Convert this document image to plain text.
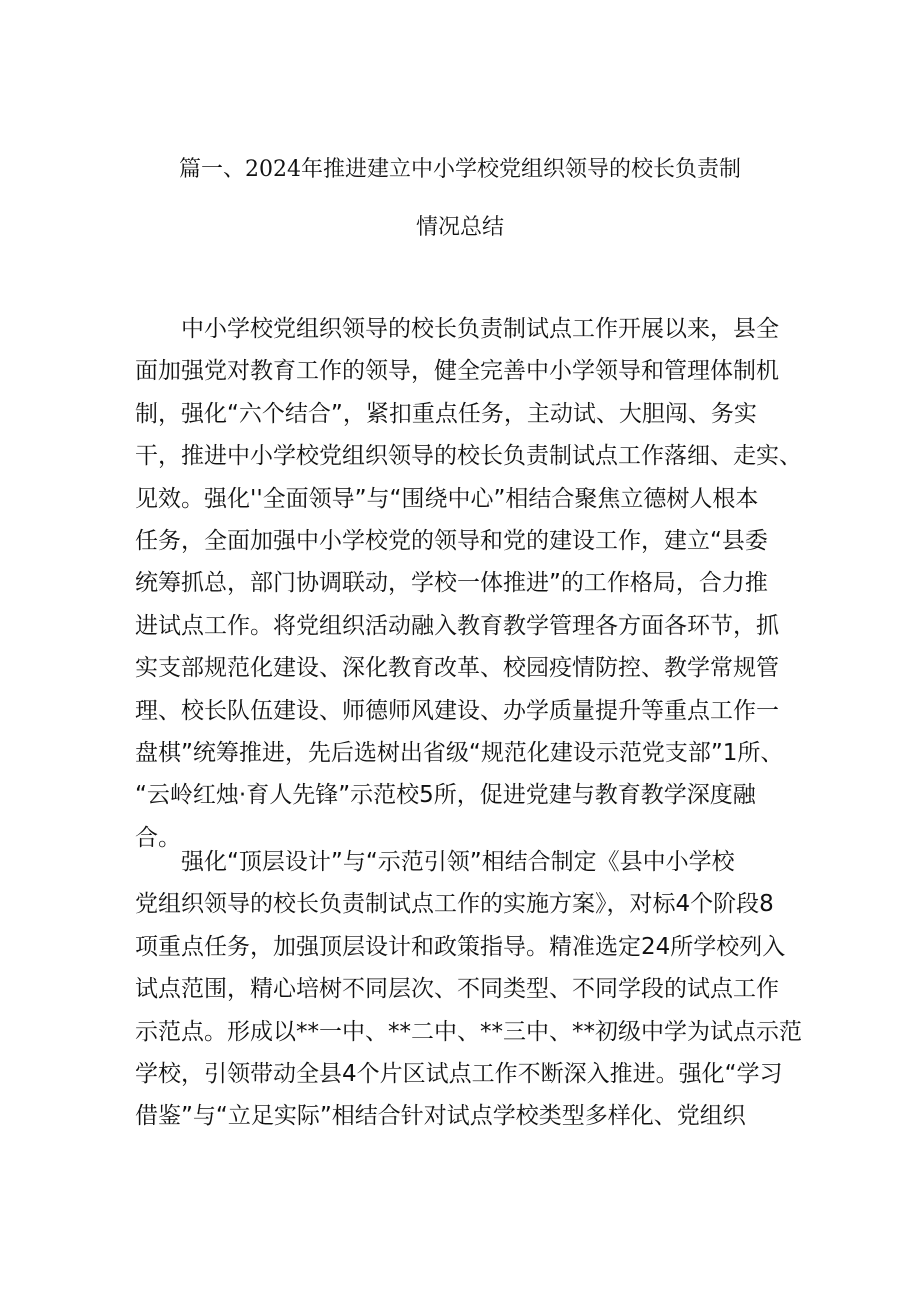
篇一、2024年推进建立中小学校党组织领导的校长负责制
情况总结
　　中小学校党组织领导的校长负责制试点工作开展以来，县全
面加强党对教育工作的领导，健全完善中小学领导和管理体制机
制，强化“六个结合”，紧扣重点任务，主动试、大胆闯、务实
干，推进中小学校党组织领导的校长负责制试点工作落细、走实、
见效。强化''全面领导”与“围绕中心”相结合聚焦立德树人根本
任务，全面加强中小学校党的领导和党的建设工作，建立“县委
统筹抓总，部门协调联动，学校一体推进”的工作格局，合力推
进试点工作。将党组织活动融入教育教学管理各方面各环节，抓
实支部规范化建设、深化教育改革、校园疫情防控、教学常规管
理、校长队伍建设、师德师风建设、办学质量提升等重点工作一
盘棋”统筹推进，先后选树出省级“规范化建设示范党支部”1所、
“云岭红烛·育人先锋”示范校5所，促进党建与教育教学深度融
合。
　　强化“顶层设计”与“示范引领”相结合制定《县中小学校
党组织领导的校长负责制试点工作的实施方案》，对标4个阶段8
项重点任务，加强顶层设计和政策指导。精准选定24所学校列入
试点范围，精心培树不同层次、不同类型、不同学段的试点工作
示范点。形成以**一中、**二中、**三中、**初级中学为试点示范
学校，引领带动全县4个片区试点工作不断深入推进。强化“学习
借鉴”与“立足实际”相结合针对试点学校类型多样化、党组织
